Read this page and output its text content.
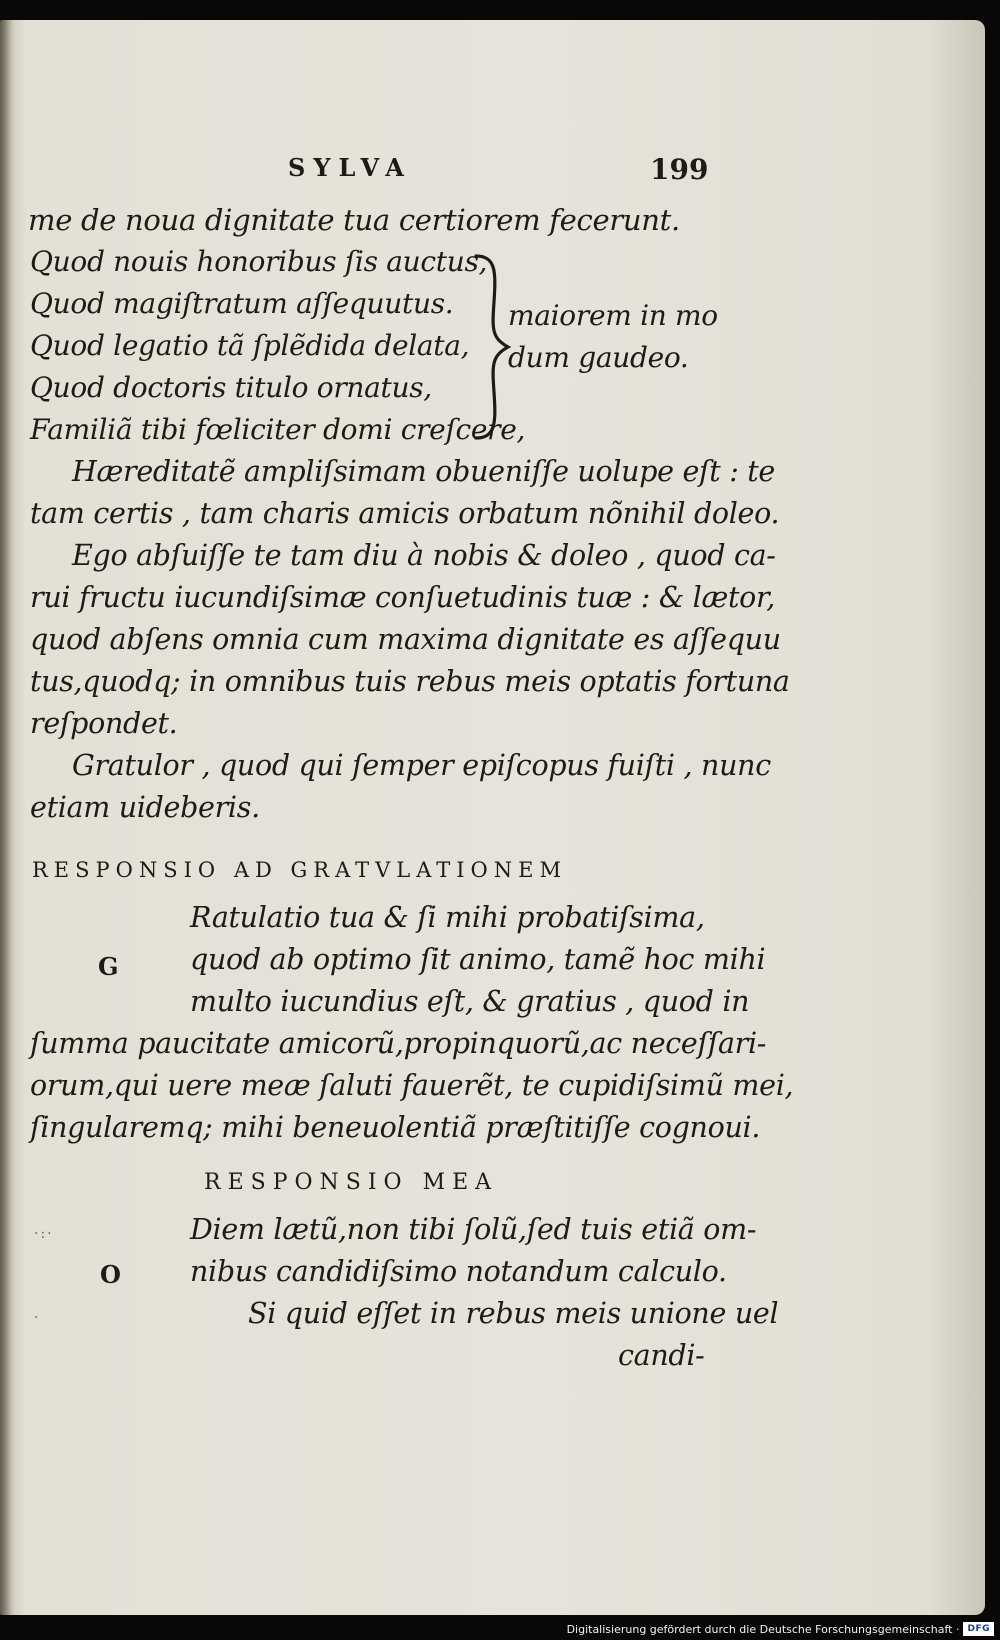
SYLVA	199
me de noua dignitate tua certiorem fecerunt.
Quod nouis honoribus ſis auctus,
Quod magiſtratum aſſequutus.
Quod legatio tã ſplẽdida delata,
Quod doctoris titulo ornatus,
Familiã tibi fœliciter domi creſcere,
maiorem in mo
dum gaudeo.
Hæreditatẽ ampliſsimam obueniſſe uolupe eſt : te
tam certis , tam charis amicis orbatum nõnihil doleo.
Ego abſuiſſe te tam diu à nobis & doleo , quod ca-
rui fructu iucundiſsimæ conſuetudinis tuæ : & lætor,
quod abſens omnia cum maxima dignitate es aſſequu
tus,quodq; in omnibus tuis rebus meis optatis fortuna
reſpondet.
Gratulor , quod qui ſemper epiſcopus fuiſti , nunc
etiam uideberis.
RESPONSIO AD GRATVLATIONEM
G
Ratulatio tua & ſi mihi probatiſsima,
quod ab optimo ſit animo, tamẽ hoc mihi
multo iucundius eſt, & gratius , quod in
ſumma paucitate amicorũ,propinquorũ,ac neceſſari-
orum,qui uere meæ ſaluti fauerẽt, te cupidiſsimũ mei,
ſingularemq; mihi beneuolentiã præſtitiſſe cognoui.
RESPONSIO MEA
O
Diem lætũ,non tibi ſolũ,ſed tuis etiã om-
nibus candidiſsimo notandum calculo.
Si quid eſſet in rebus meis unione uel
candi-
·:·
·
Digitalisierung gefördert durch die Deutsche Forschungsgemeinschaft · DFG
